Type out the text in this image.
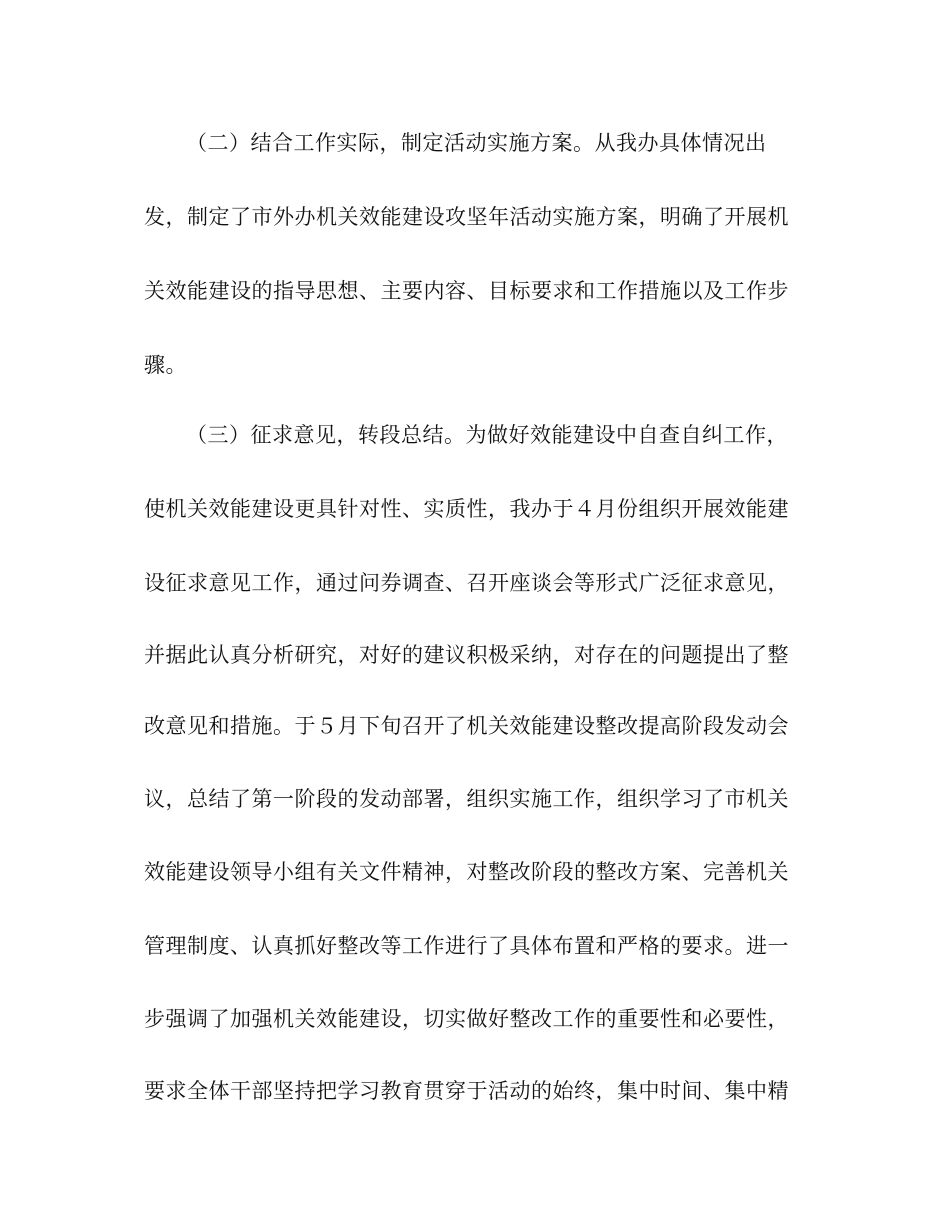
（二）结合工作实际，制定活动实施方案。从我办具体情况出
发，制定了市外办机关效能建设攻坚年活动实施方案，明确了开展机
关效能建设的指导思想、主要内容、目标要求和工作措施以及工作步
骤。
（三）征求意见，转段总结。为做好效能建设中自查自纠工作，
使机关效能建设更具针对性、实质性，我办于４月份组织开展效能建
设征求意见工作，通过问券调查、召开座谈会等形式广泛征求意见，
并据此认真分析研究，对好的建议积极采纳，对存在的问题提出了整
改意见和措施。于５月下旬召开了机关效能建设整改提高阶段发动会
议，总结了第一阶段的发动部署，组织实施工作，组织学习了市机关
效能建设领导小组有关文件精神，对整改阶段的整改方案、完善机关
管理制度、认真抓好整改等工作进行了具体布置和严格的要求。进一
步强调了加强机关效能建设，切实做好整改工作的重要性和必要性，
要求全体干部坚持把学习教育贯穿于活动的始终，集中时间、集中精
